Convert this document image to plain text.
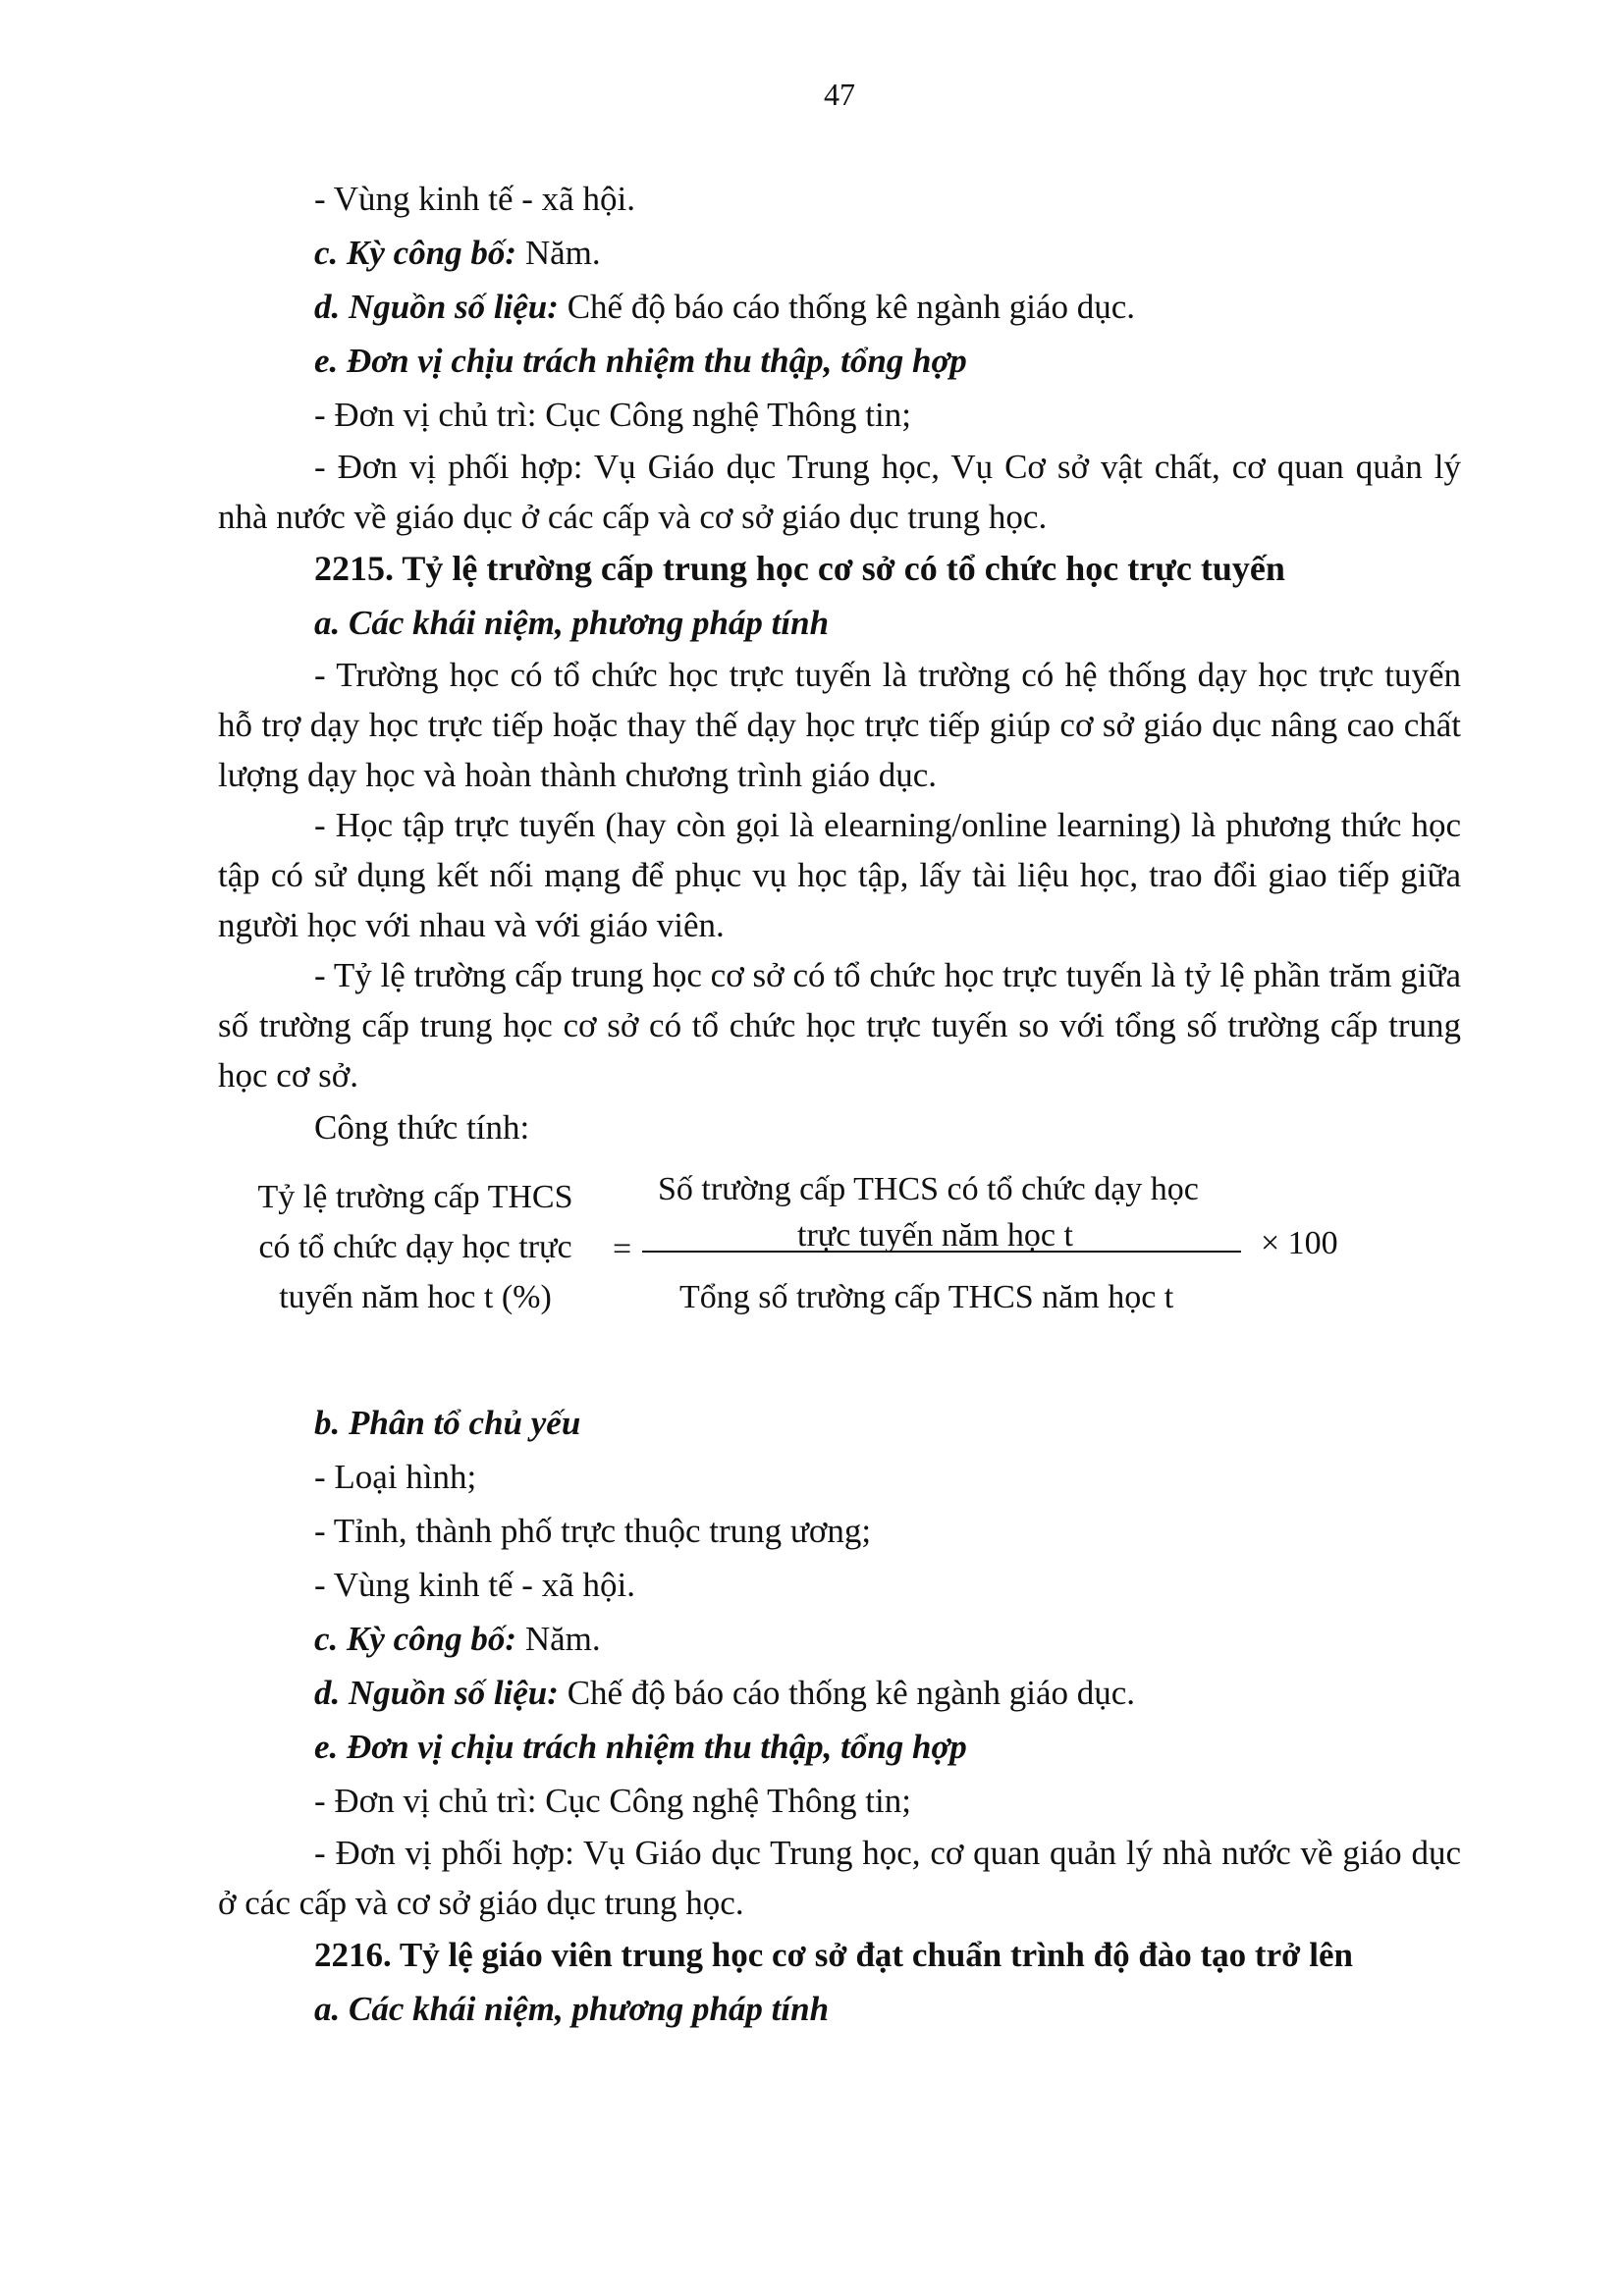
47

- Vùng kinh tế - xã hội.

c. Kỳ công bố: Năm.

d. Nguồn số liệu: Chế độ báo cáo thống kê ngành giáo dục.

e. Đơn vị chịu trách nhiệm thu thập, tổng hợp

- Đơn vị chủ trì: Cục Công nghệ Thông tin;

- Đơn vị phối hợp: Vụ Giáo dục Trung học, Vụ Cơ sở vật chất, cơ quan quản lý nhà nước về giáo dục ở các cấp và cơ sở giáo dục trung học.

2215. Tỷ lệ trường cấp trung học cơ sở có tổ chức học trực tuyến

a. Các khái niệm, phương pháp tính

- Trường học có tổ chức học trực tuyến là trường có hệ thống dạy học trực tuyến hỗ trợ dạy học trực tiếp hoặc thay thế dạy học trực tiếp giúp cơ sở giáo dục nâng cao chất lượng dạy học và hoàn thành chương trình giáo dục.

- Học tập trực tuyến (hay còn gọi là elearning/online learning) là phương thức học tập có sử dụng kết nối mạng để phục vụ học tập, lấy tài liệu học, trao đổi giao tiếp giữa người học với nhau và với giáo viên.

- Tỷ lệ trường cấp trung học cơ sở có tổ chức học trực tuyến là tỷ lệ phần trăm giữa số trường cấp trung học cơ sở có tổ chức học trực tuyến so với tổng số trường cấp trung học cơ sở.

Công thức tính:

Tỷ lệ trường cấp THCS
có tổ chức dạy học trực
tuyến năm hoc t (%)
=
Số trường cấp THCS có tổ chức dạy học
trực tuyến năm học t
Tổng số trường cấp THCS năm học t
× 100

b. Phân tổ chủ yếu

- Loại hình;

- Tỉnh, thành phố trực thuộc trung ương;

- Vùng kinh tế - xã hội.

c. Kỳ công bố: Năm.

d. Nguồn số liệu: Chế độ báo cáo thống kê ngành giáo dục.

e. Đơn vị chịu trách nhiệm thu thập, tổng hợp

- Đơn vị chủ trì: Cục Công nghệ Thông tin;

- Đơn vị phối hợp: Vụ Giáo dục Trung học, cơ quan quản lý nhà nước về giáo dục ở các cấp và cơ sở giáo dục trung học.

2216. Tỷ lệ giáo viên trung học cơ sở đạt chuẩn trình độ đào tạo trở lên

a. Các khái niệm, phương pháp tính
